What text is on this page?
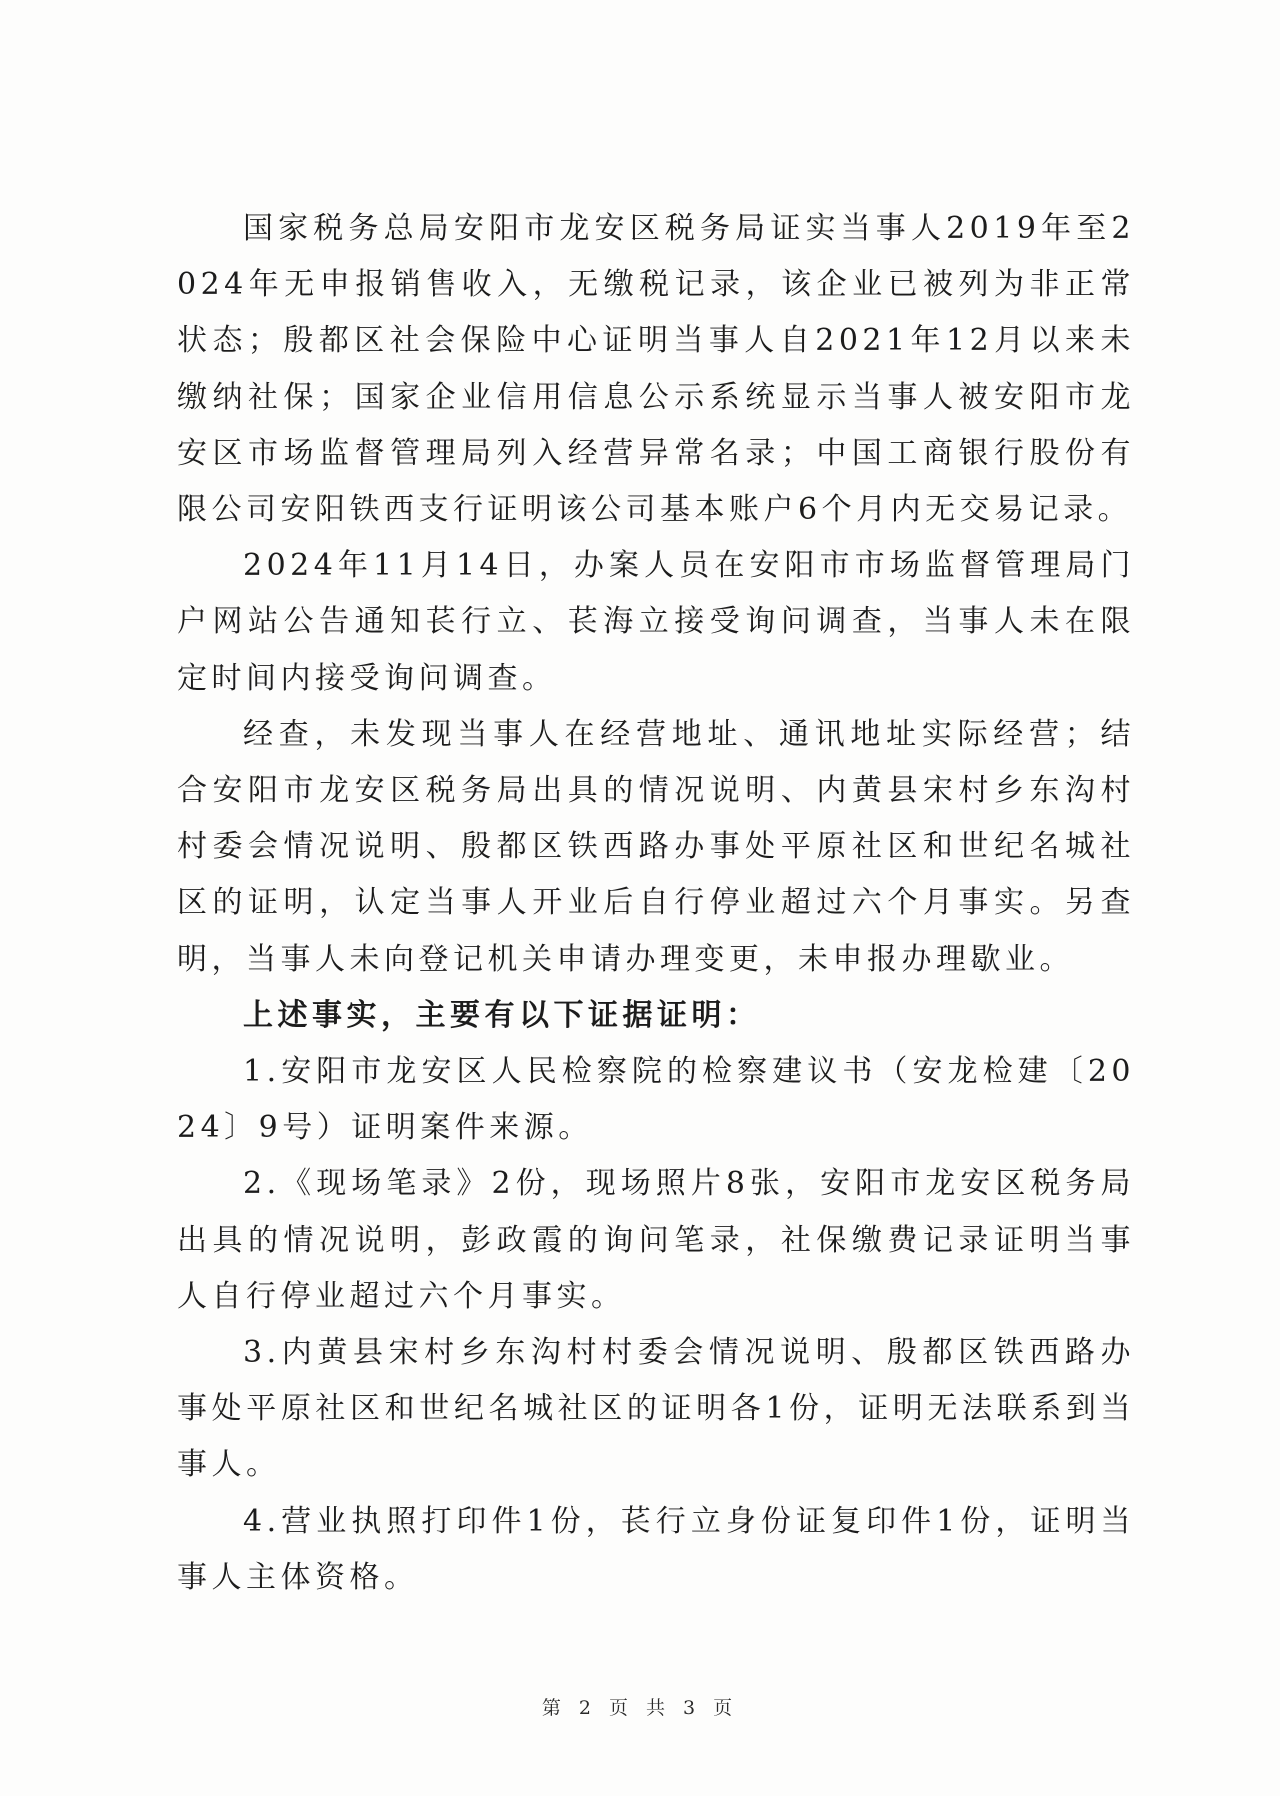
国家税务总局安阳市龙安区税务局证实当事人2019年至2024年无申报销售收入，无缴税记录，该企业已被列为非正常状态；殷都区社会保险中心证明当事人自2021年12月以来未缴纳社保；国家企业信用信息公示系统显示当事人被安阳市龙安区市场监督管理局列入经营异常名录；中国工商银行股份有限公司安阳铁西支行证明该公司基本账户6个月内无交易记录。

2024年11月14日，办案人员在安阳市市场监督管理局门户网站公告通知苌行立、苌海立接受询问调查，当事人未在限定时间内接受询问调查。

经查，未发现当事人在经营地址、通讯地址实际经营；结合安阳市龙安区税务局出具的情况说明、内黄县宋村乡东沟村村委会情况说明、殷都区铁西路办事处平原社区和世纪名城社区的证明，认定当事人开业后自行停业超过六个月事实。另查明，当事人未向登记机关申请办理变更，未申报办理歇业。

上述事实，主要有以下证据证明：

1.安阳市龙安区人民检察院的检察建议书（安龙检建〔2024〕9号）证明案件来源。

2.《现场笔录》2份，现场照片8张，安阳市龙安区税务局出具的情况说明，彭政霞的询问笔录，社保缴费记录证明当事人自行停业超过六个月事实。

3.内黄县宋村乡东沟村村委会情况说明、殷都区铁西路办事处平原社区和世纪名城社区的证明各1份，证明无法联系到当事人。

4.营业执照打印件1份，苌行立身份证复印件1份，证明当事人主体资格。

第 2 页 共 3 页
